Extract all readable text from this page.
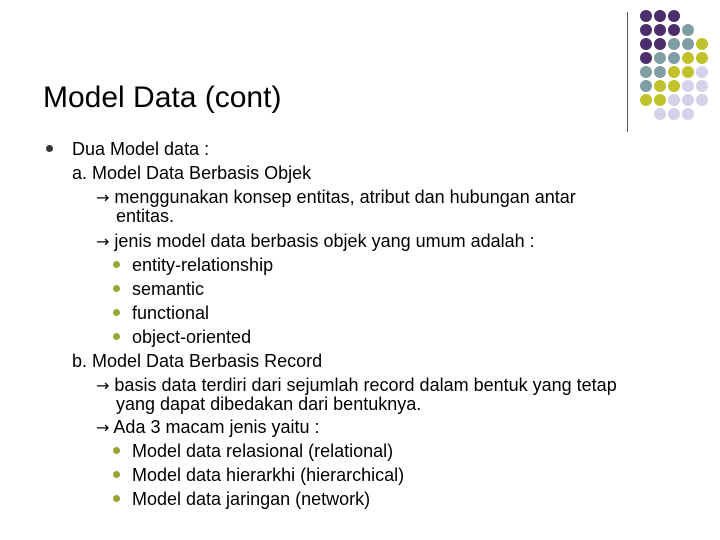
Model Data (cont)
Dua Model data :
a. Model Data Berbasis Objek
→ menggunakan konsep entitas, atribut dan hubungan antar
entitas.
→ jenis model data berbasis objek yang umum adalah :
entity-relationship
semantic
functional
object-oriented
b. Model Data Berbasis Record
→ basis data terdiri dari sejumlah record dalam bentuk yang tetap
yang dapat dibedakan dari bentuknya.
→ Ada 3 macam jenis yaitu :
Model data relasional (relational)
Model data hierarkhi (hierarchical)
Model data jaringan (network)
